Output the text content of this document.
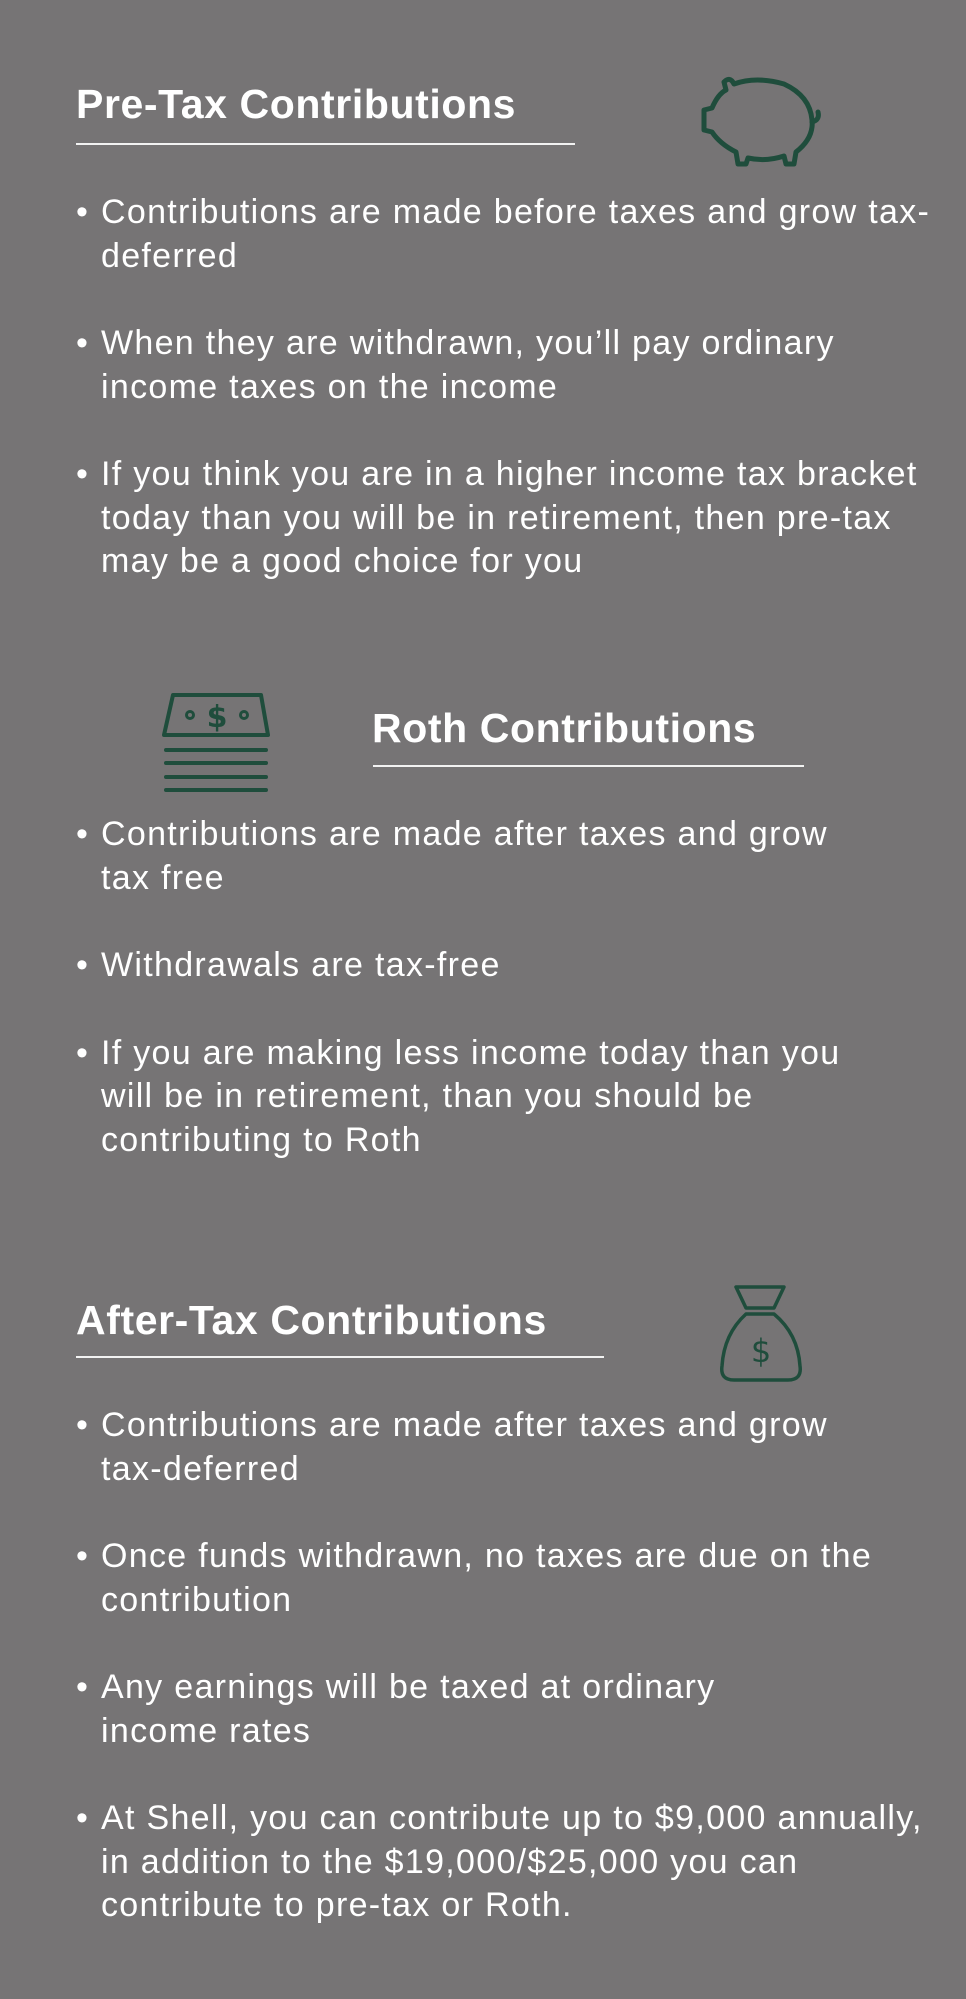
Pre-Tax Contributions
• Contributions are made before taxes and grow tax-deferred
• When they are withdrawn, you’ll pay ordinary income taxes on the income
• If you think you are in a higher income tax bracket today than you will be in retirement, then pre-tax may be a good choice for you
$	Roth Contributions
• Contributions are made after taxes and grow tax free
• Withdrawals are tax-free
• If you are making less income today than you will be in retirement, than you should be contributing to Roth
After-Tax Contributions
$
• Contributions are made after taxes and grow tax-deferred
• Once funds withdrawn, no taxes are due on the contribution
• Any earnings will be taxed at ordinary income rates
• At Shell, you can contribute up to $9,000 annually, in addition to the $19,000/$25,000 you can contribute to pre-tax or Roth.
